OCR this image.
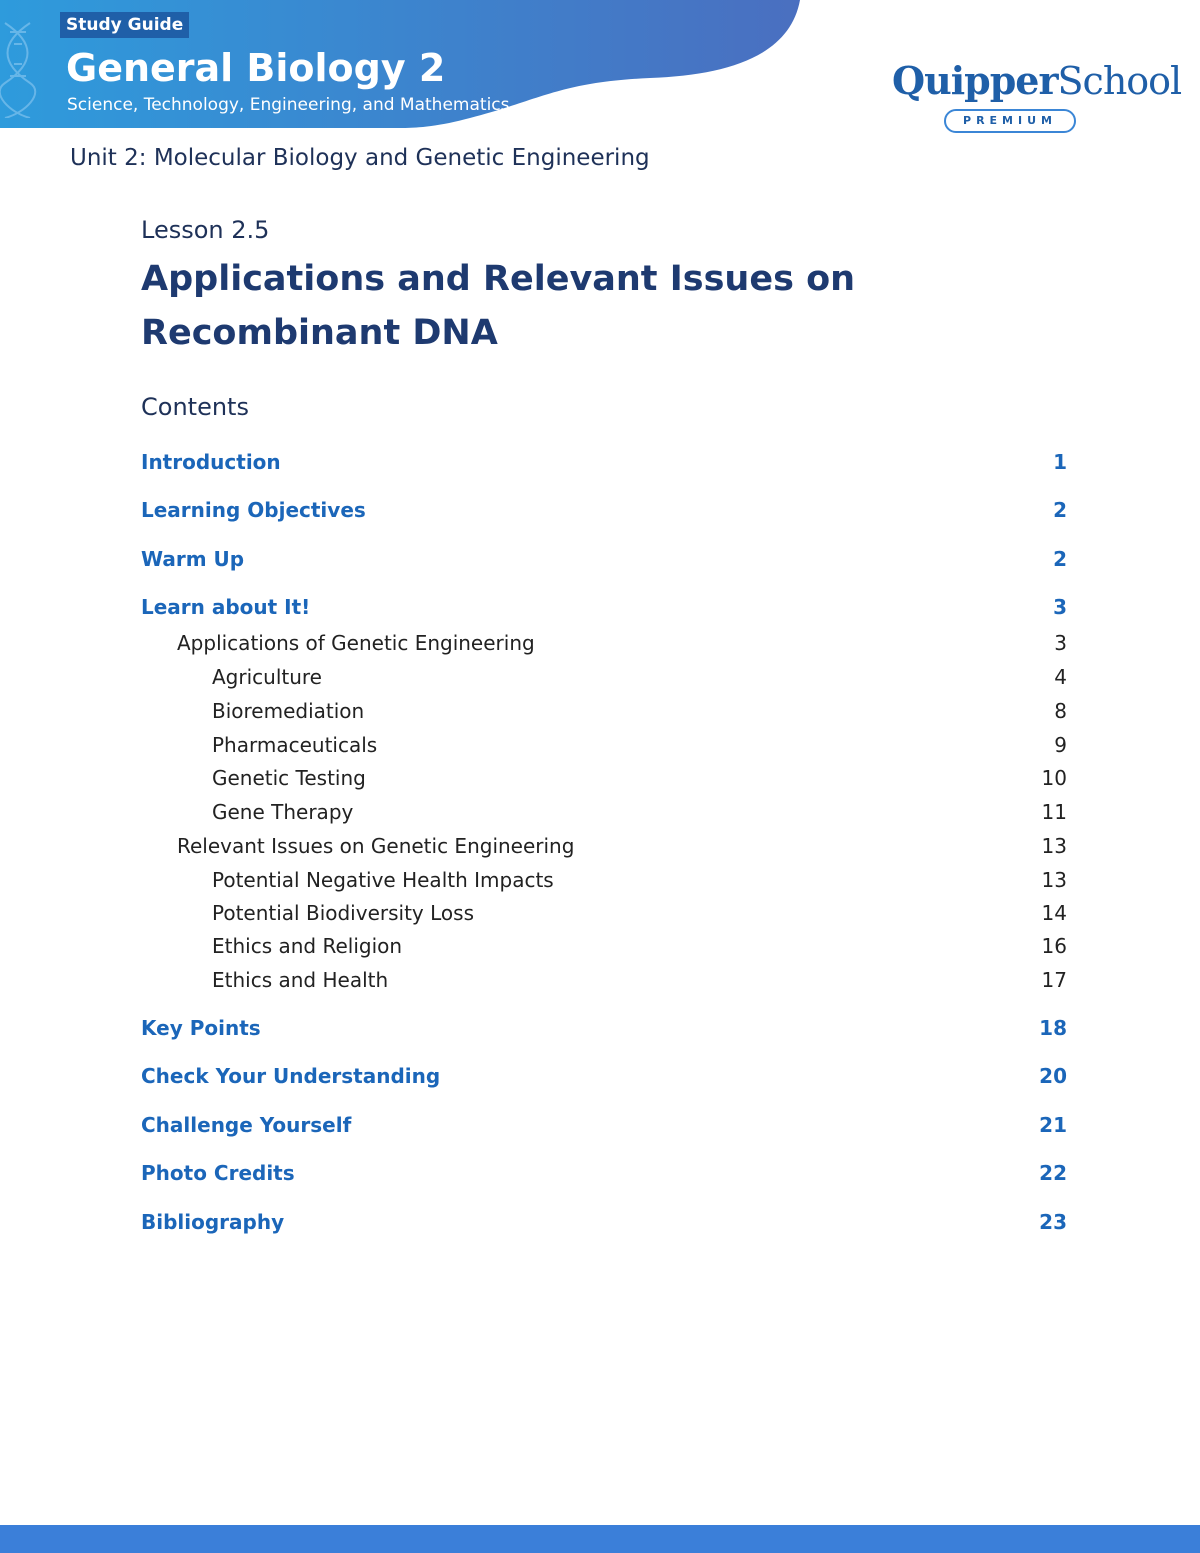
Study Guide
General Biology 2
Science, Technology, Engineering, and Mathematics
QuipperSchool
PREMIUM
Unit 2: Molecular Biology and Genetic Engineering
Lesson 2.5
Applications and Relevant Issues on Recombinant DNA
Contents
Introduction	1
Learning Objectives	2
Warm Up	2
Learn about It!	3
Applications of Genetic Engineering	3
Agriculture	4
Bioremediation	8
Pharmaceuticals	9
Genetic Testing	10
Gene Therapy	11
Relevant Issues on Genetic Engineering	13
Potential Negative Health Impacts	13
Potential Biodiversity Loss	14
Ethics and Religion	16
Ethics and Health	17
Key Points	18
Check Your Understanding	20
Challenge Yourself	21
Photo Credits	22
Bibliography	23
